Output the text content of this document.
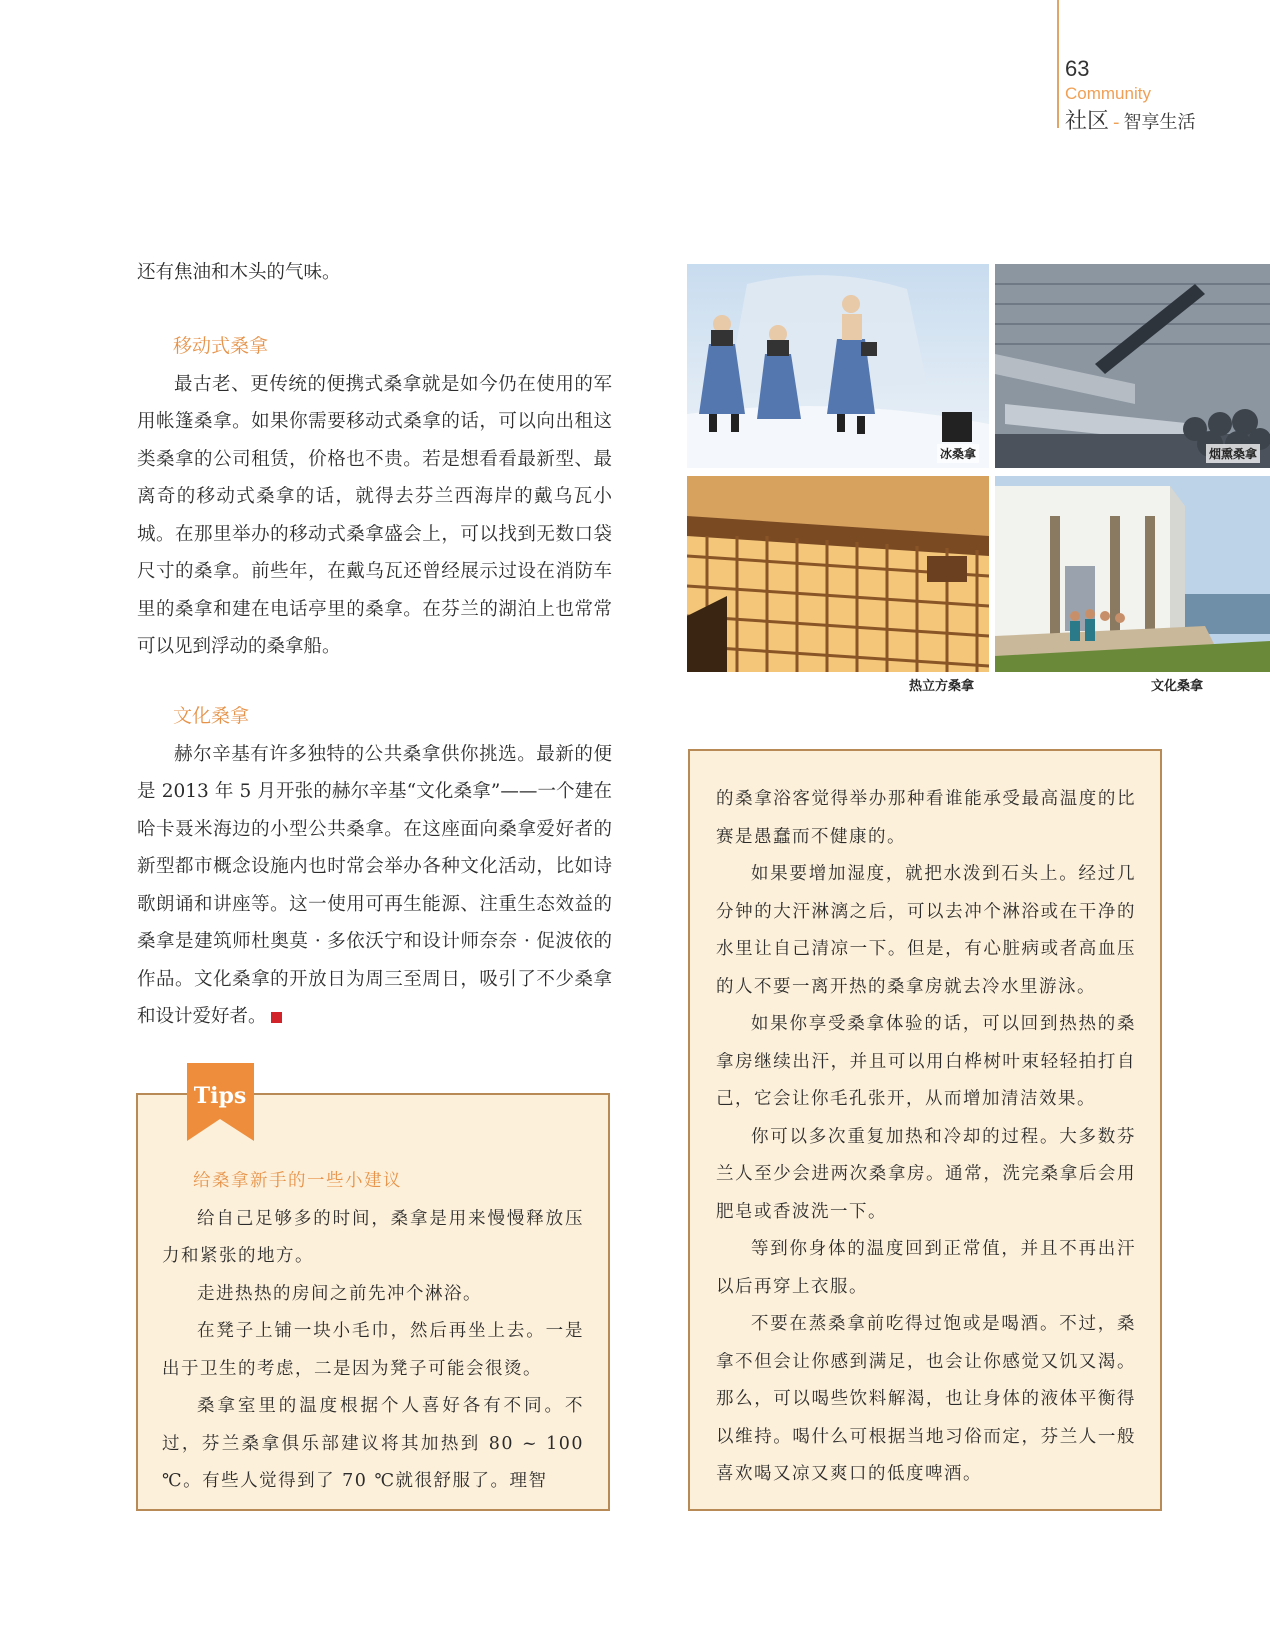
63
Community
社区 - 智享生活

还有焦油和木头的气味。

移动式桑拿

最古老、更传统的便携式桑拿就是如今仍在使用的军用帐篷桑拿。如果你需要移动式桑拿的话，可以向出租这类桑拿的公司租赁，价格也不贵。若是想看看最新型、最离奇的移动式桑拿的话，就得去芬兰西海岸的戴乌瓦小城。在那里举办的移动式桑拿盛会上，可以找到无数口袋尺寸的桑拿。前些年，在戴乌瓦还曾经展示过设在消防车里的桑拿和建在电话亭里的桑拿。在芬兰的湖泊上也常常可以见到浮动的桑拿船。

文化桑拿

赫尔辛基有许多独特的公共桑拿供你挑选。最新的便是 2013 年 5 月开张的赫尔辛基“文化桑拿”——一个建在哈卡聂米海边的小型公共桑拿。在这座面向桑拿爱好者的新型都市概念设施内也时常会举办各种文化活动，比如诗歌朗诵和讲座等。这一使用可再生能源、注重生态效益的桑拿是建筑师杜奥莫 · 多依沃宁和设计师奈奈 · 促波依的作品。文化桑拿的开放日为周三至周日，吸引了不少桑拿和设计爱好者。	S

给桑拿新手的一些小建议

给自己足够多的时间，桑拿是用来慢慢释放压力和紧张的地方。

走进热热的房间之前先冲个淋浴。

在凳子上铺一块小毛巾，然后再坐上去。一是出于卫生的考虑，二是因为凳子可能会很烫。

桑拿室里的温度根据个人喜好各有不同。不过，芬兰桑拿俱乐部建议将其加热到 80 ~ 100 ℃。有些人觉得到了 70 ℃就很舒服了。理智

Tips
冰桑拿	烟熏桑拿
热立方桑拿	文化桑拿

的桑拿浴客觉得举办那种看谁能承受最高温度的比赛是愚蠢而不健康的。

如果要增加湿度，就把水泼到石头上。经过几分钟的大汗淋漓之后，可以去冲个淋浴或在干净的水里让自己清凉一下。但是，有心脏病或者高血压的人不要一离开热的桑拿房就去冷水里游泳。

如果你享受桑拿体验的话，可以回到热热的桑拿房继续出汗，并且可以用白桦树叶束轻轻拍打自己，它会让你毛孔张开，从而增加清洁效果。

你可以多次重复加热和冷却的过程。大多数芬兰人至少会进两次桑拿房。通常，洗完桑拿后会用肥皂或香波洗一下。

等到你身体的温度回到正常值，并且不再出汗以后再穿上衣服。

不要在蒸桑拿前吃得过饱或是喝酒。不过，桑拿不但会让你感到满足，也会让你感觉又饥又渴。那么，可以喝些饮料解渴，也让身体的液体平衡得以维持。喝什么可根据当地习俗而定，芬兰人一般喜欢喝又凉又爽口的低度啤酒。
